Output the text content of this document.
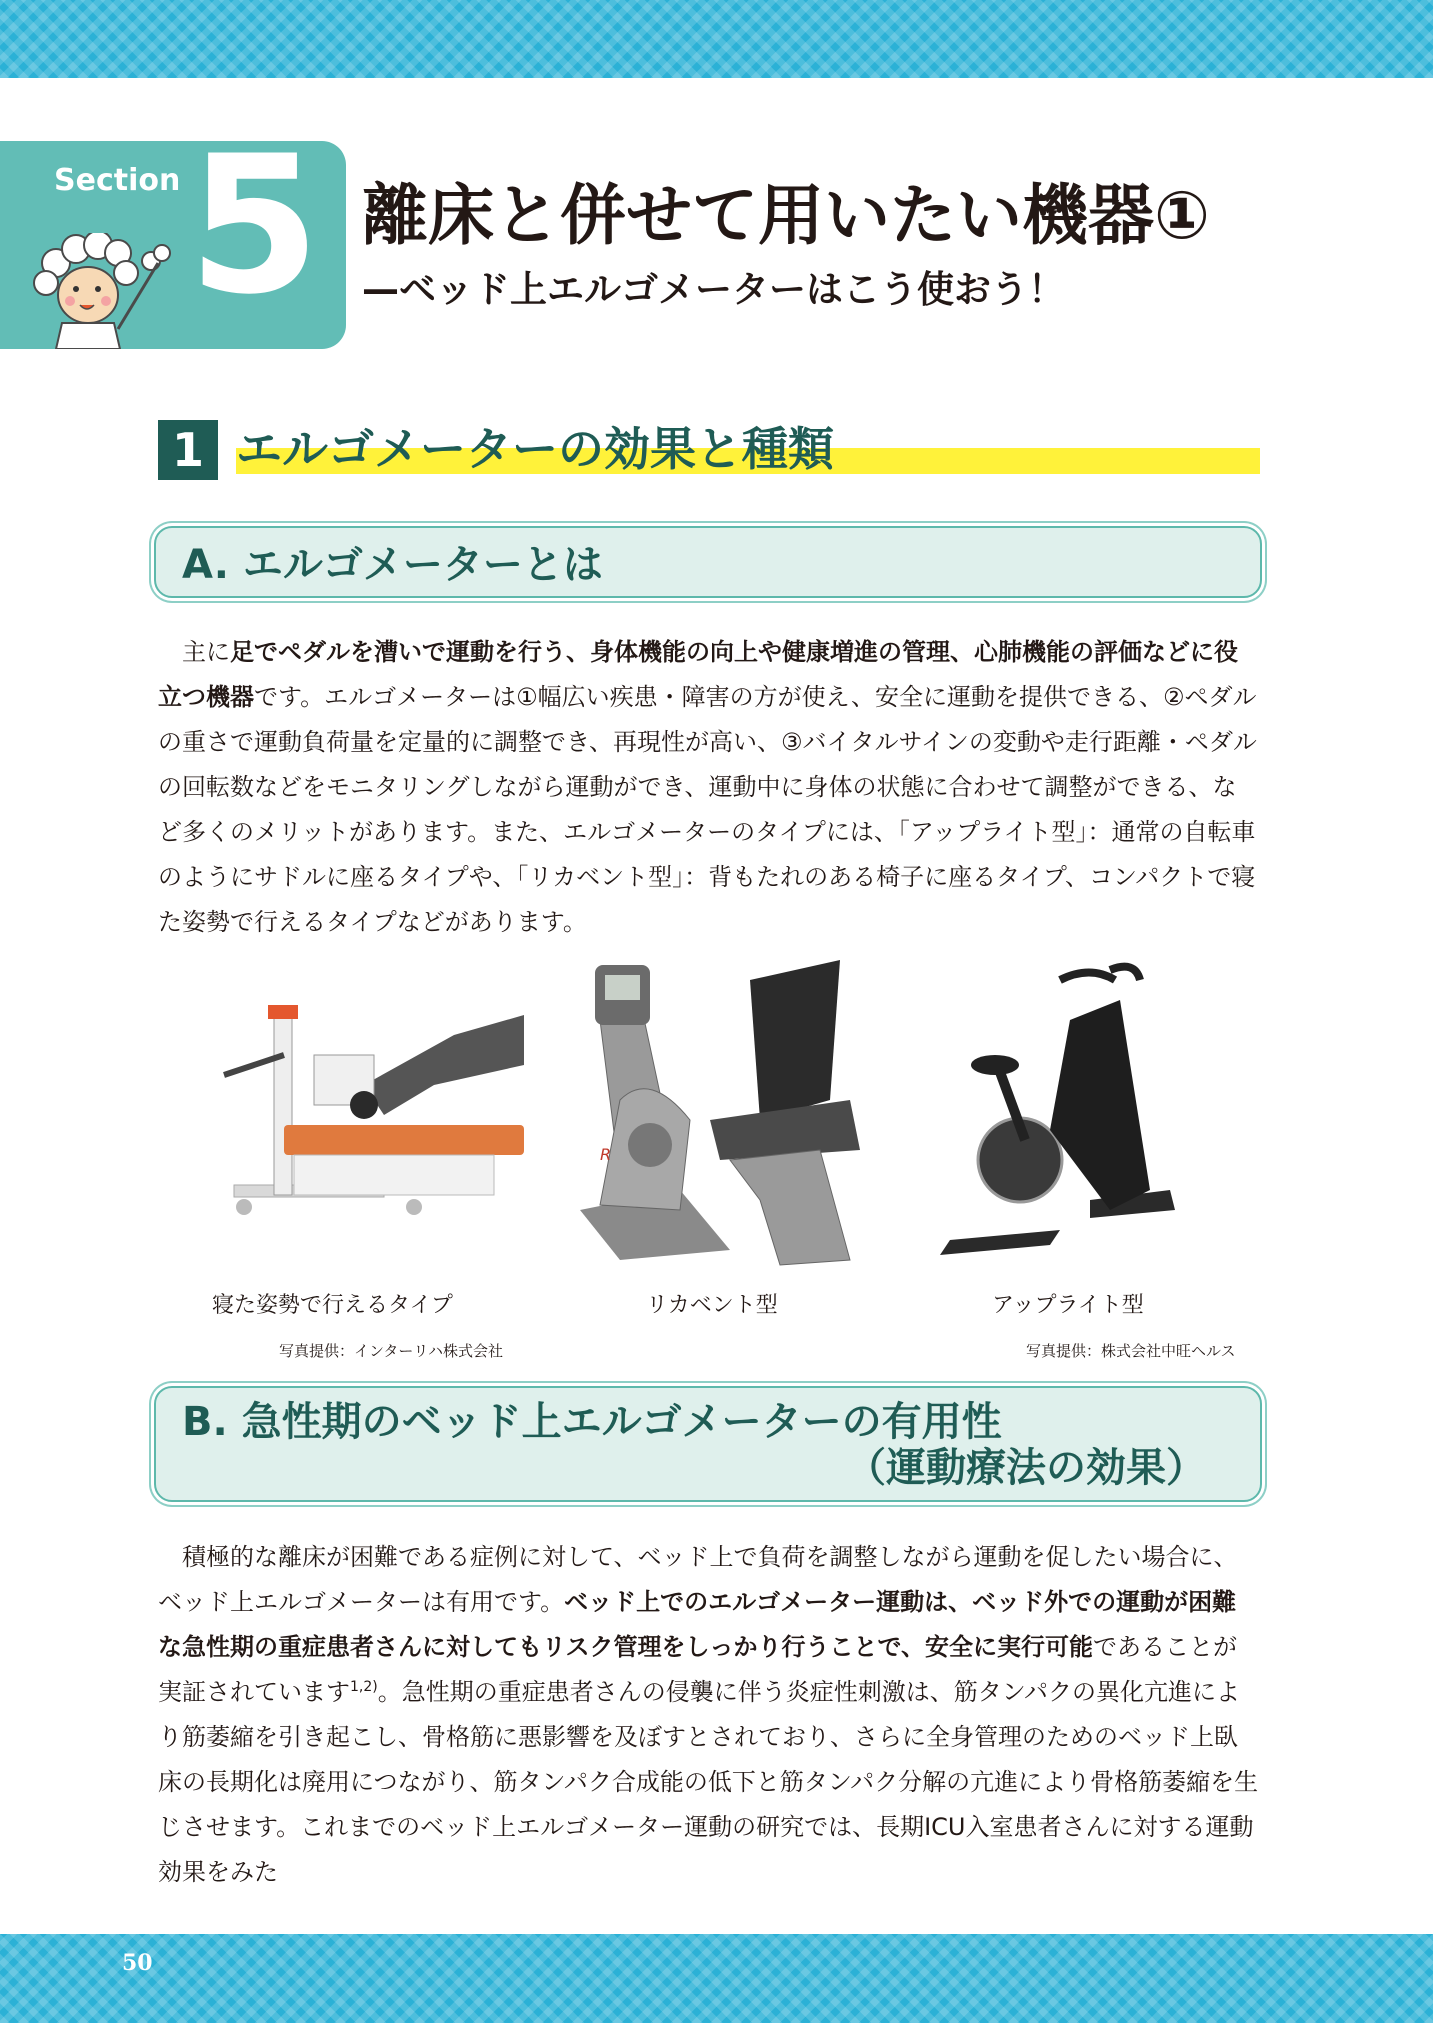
Section 5 離床と併せて用いたい機器①
—ベッド上エルゴメーターはこう使おう！
1 エルゴメーターの効果と種類
A. エルゴメーターとは
主に足でペダルを漕いで運動を行う、身体機能の向上や健康増進の管理、心肺機能の評価などに役立つ機器です。エルゴメーターは①幅広い疾患・障害の方が使え、安全に運動を提供できる、②ペダルの重さで運動負荷量を定量的に調整でき、再現性が高い、③バイタルサインの変動や走行距離・ペダルの回転数などをモニタリングしながら運動ができ、運動中に身体の状態に合わせて調整ができる、など多くのメリットがあります。また、エルゴメーターのタイプには、「アップライト型」：通常の自転車のようにサドルに座るタイプや、「リカベント型」：背もたれのある椅子に座るタイプ、コンパクトで寝た姿勢で行えるタイプなどがあります。
R
寝た姿勢で行えるタイプ	リカベント型	アップライト型
写真提供：インターリハ株式会社	写真提供：株式会社中旺ヘルス
B. 急性期のベッド上エルゴメーターの有用性
（運動療法の効果）
積極的な離床が困難である症例に対して、ベッド上で負荷を調整しながら運動を促したい場合に、ベッド上エルゴメーターは有用です。ベッド上でのエルゴメーター運動は、ベッド外での運動が困難な急性期の重症患者さんに対してもリスク管理をしっかり行うことで、安全に実行可能であることが実証されています$^{1,2)}$。急性期の重症患者さんの侵襲に伴う炎症性刺激は、筋タンパクの異化亢進により筋萎縮を引き起こし、骨格筋に悪影響を及ぼすとされており、さらに全身管理のためのベッド上臥床の長期化は廃用につながり、筋タンパク合成能の低下と筋タンパク分解の亢進により骨格筋萎縮を生じさせます。これまでのベッド上エルゴメーター運動の研究では、長期ICU入室患者さんに対する運動効果をみた
50
